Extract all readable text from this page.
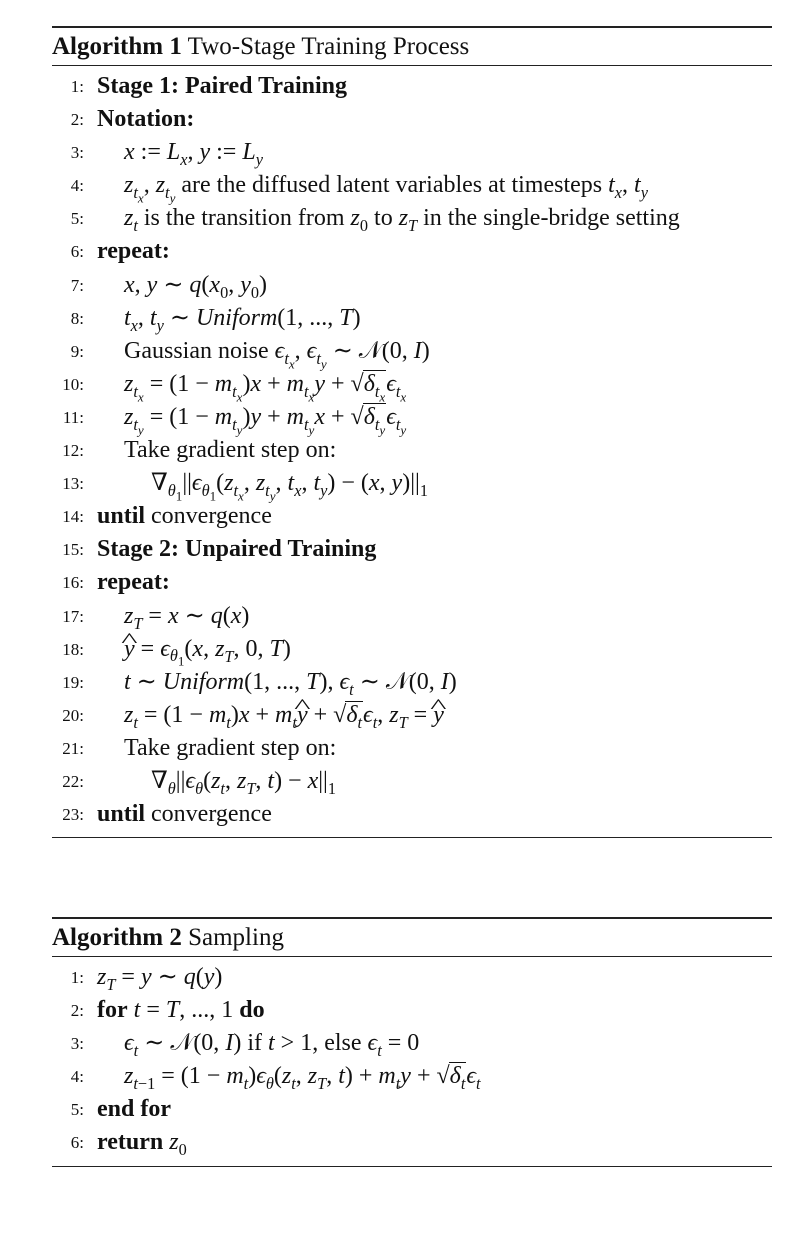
Algorithm 1 Two-Stage Training Process
1: Stage 1: Paired Training
2: Notation:
3: x := $L_x$, y := $L_y$
4: $z_{t_x}$, $z_{t_y}$ are the diffused latent variables at timesteps $t_x$, $t_y$
5: $z_t$ is the transition from $z_0$ to $z_T$ in the single-bridge setting
6: repeat:
7: x, y ∼ $q(x_0$, $y_0$)
8: $t_x$, $t_y$ ∼ Uniform(1, ..., T)
9: Gaussian noise $\epsilon_{t_x}$, $\epsilon_{t_y}$ ∼ 𝒩(0, I)
10: $z_{t_x} = (1 - m_{t_x})x + m_{t_x}y + √\delta_{t_x}\epsilon_{t_x}$
11: $z_{t_y} = (1 - m_{t_y})y + m_{t_y}x + √\delta_{t_y}\epsilon_{t_y}$
12: Take gradient step on:
13:	$\nabla_{\theta_1}||\epsilon_{\theta_1}(z_{t_x}$, $z_{t_y}$, $t_x$, $t_y) - (x$, $y)||_1$
14: until convergence
15: Stage 2: Unpaired Training
16: repeat:
17: $z_T = x$ ∼ q(x)
18:
^ $y = \epsilon_{\theta_1}(x$, $z_T$, 0, T)
19: t ∼ Uniform(1, ..., T), $\epsilon_t$ ∼ 𝒩(0, I)
20: $z_t = (1 - m_t)x$ + $m_t\^{}$ $y + √\delta_t\epsilon_t$, $z_T$ = ^ y
21: Take gradient step on:
22:	$\nabla_\theta||\epsilon_\theta(z_t$, $z_T$, $t) - x||_1$
23: until convergence
Algorithm 2 Sampling
1: $z_T = y$ ∼ q(y)
2: for t = T, ..., 1 do
3: $\epsilon_t$ ∼ 𝒩(0, I) if t > 1, else $\epsilon_t = 0$
4: $z_{t-1} = (1 - m_t)\epsilon_\theta(z_t$, $z_T$, $t) + m_ty + √\delta_t\epsilon_t$
5: end for
6: return $z_0$
